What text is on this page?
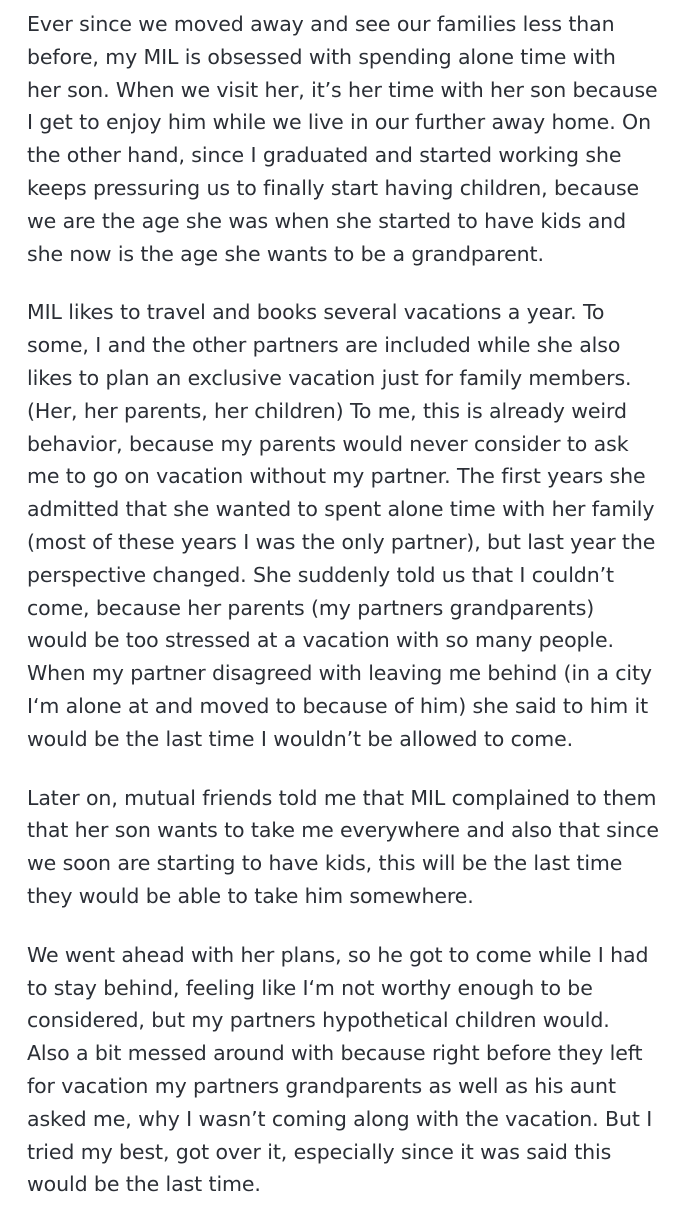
Ever since we moved away and see our families less than
before, my MIL is obsessed with spending alone time with
her son. When we visit her, it’s her time with her son because
I get to enjoy him while we live in our further away home. On
the other hand, since I graduated and started working she
keeps pressuring us to finally start having children, because
we are the age she was when she started to have kids and
she now is the age she wants to be a grandparent.

MIL likes to travel and books several vacations a year. To
some, I and the other partners are included while she also
likes to plan an exclusive vacation just for family members.
(Her, her parents, her children) To me, this is already weird
behavior, because my parents would never consider to ask
me to go on vacation without my partner. The first years she
admitted that she wanted to spent alone time with her family
(most of these years I was the only partner), but last year the
perspective changed. She suddenly told us that I couldn’t
come, because her parents (my partners grandparents)
would be too stressed at a vacation with so many people.
When my partner disagreed with leaving me behind (in a city
I‘m alone at and moved to because of him) she said to him it
would be the last time I wouldn’t be allowed to come.

Later on, mutual friends told me that MIL complained to them
that her son wants to take me everywhere and also that since
we soon are starting to have kids, this will be the last time
they would be able to take him somewhere.

We went ahead with her plans, so he got to come while I had
to stay behind, feeling like I‘m not worthy enough to be
considered, but my partners hypothetical children would.
Also a bit messed around with because right before they left
for vacation my partners grandparents as well as his aunt
asked me, why I wasn’t coming along with the vacation. But I
tried my best, got over it, especially since it was said this
would be the last time.
